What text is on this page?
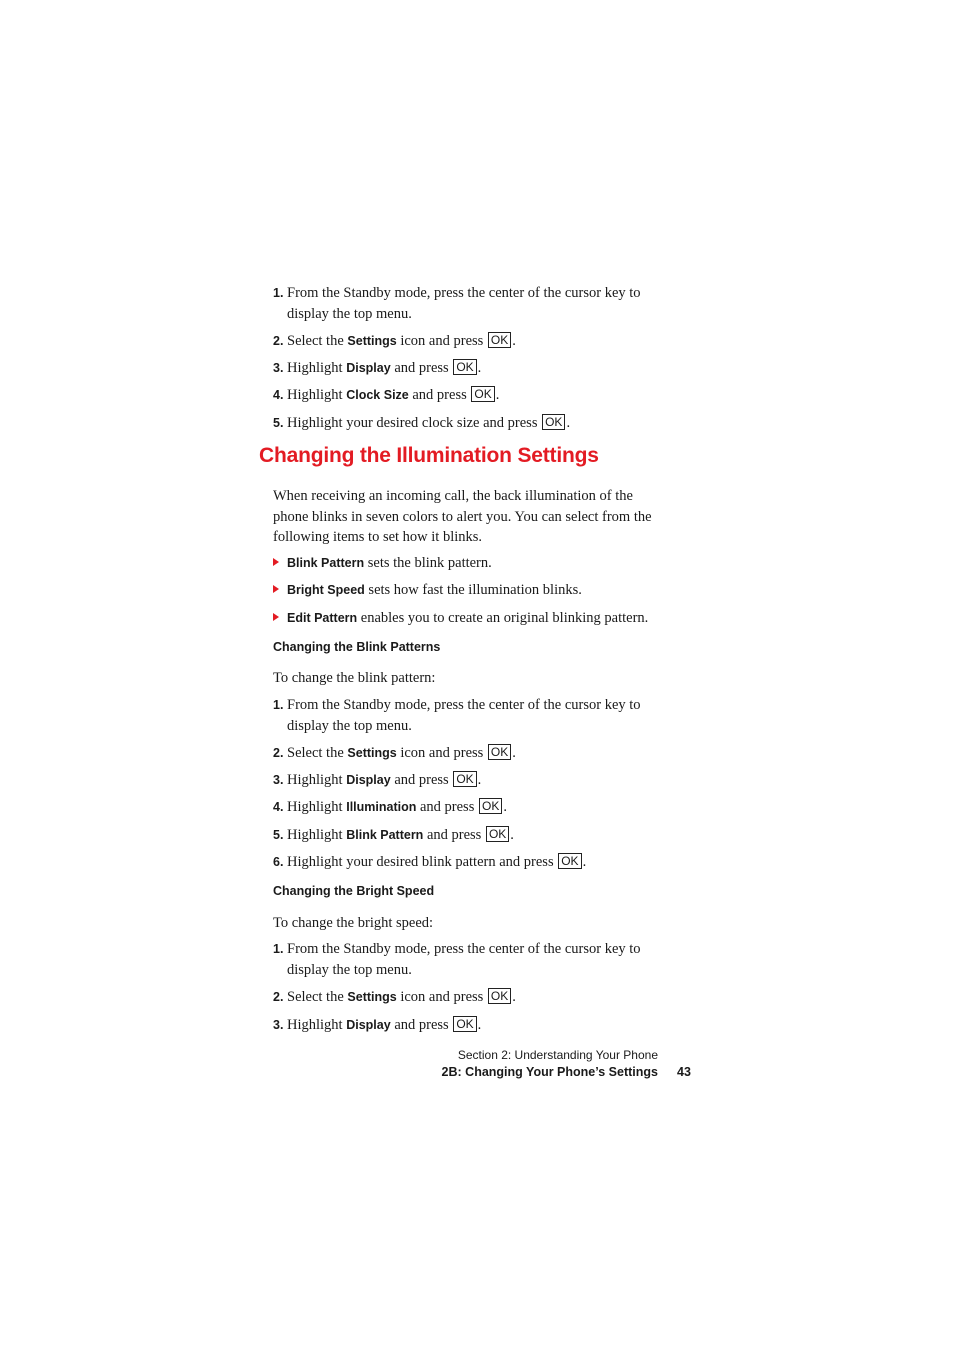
1. From the Standby mode, press the center of the cursor key to display the top menu.
2. Select the Settings icon and press OK .
3. Highlight Display and press OK .
4. Highlight Clock Size and press OK .
5. Highlight your desired clock size and press OK .
Changing the Illumination Settings
When receiving an incoming call, the back illumination of the phone blinks in seven colors to alert you. You can select from the following items to set how it blinks.
Blink Pattern sets the blink pattern.
Bright Speed sets how fast the illumination blinks.
Edit Pattern enables you to create an original blinking pattern.
Changing the Blink Patterns
To change the blink pattern:
1. From the Standby mode, press the center of the cursor key to display the top menu.
2. Select the Settings icon and press OK .
3. Highlight Display and press OK .
4. Highlight Illumination and press OK .
5. Highlight Blink Pattern and press OK .
6. Highlight your desired blink pattern and press OK .
Changing the Bright Speed
To change the bright speed:
1. From the Standby mode, press the center of the cursor key to display the top menu.
2. Select the Settings icon and press OK .
3. Highlight Display and press OK .
Section 2: Understanding Your Phone
2B: Changing Your Phone’s Settings 43
